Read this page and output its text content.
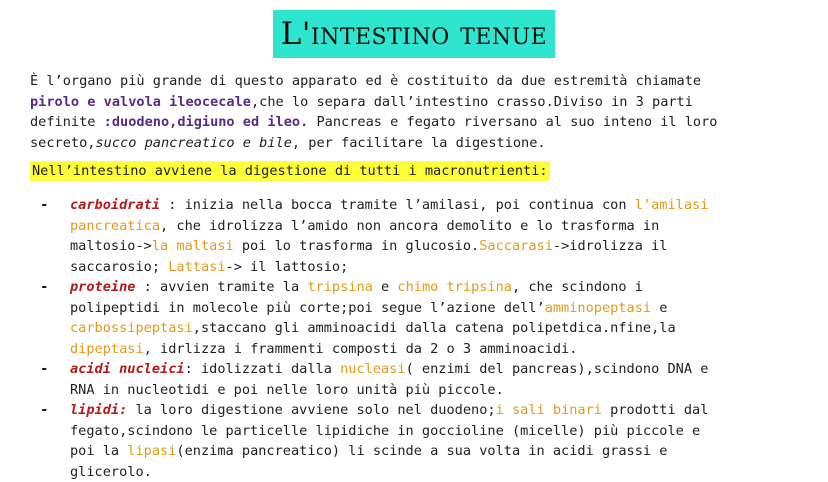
L'intestino tenue
È l’organo più grande di questo apparato ed è costituito da due estremità chiamate
pirolo e valvola ileocecale,che lo separa dall’intestino crasso.Diviso in 3 parti
definite :duodeno,digiuno ed ileo. Pancreas e fegato riversano al suo inteno il loro
secreto,succo pancreatico e bile, per facilitare la digestione.
Nell’intestino avviene la digestione di tutti i macronutrienti:
- carboidrati : inizia nella bocca tramite l’amilasi, poi continua con l’amilasi
pancreatica, che idrolizza l’amido non ancora demolito e lo trasforma in
maltosio->la maltasi poi lo trasforma in glucosio.Saccarasi->idrolizza il
saccarosio; Lattasi-> il lattosio;
- proteine : avvien tramite la tripsina e chimo tripsina, che scindono i
polipeptidi in molecole più corte;poi segue l’azione dell’amminopeptasi e
carbossipeptasi,staccano gli amminoacidi dalla catena polipetdica.nfine,la
dipeptasi, idrlizza i frammenti composti da 2 o 3 amminoacidi.
- acidi nucleici: idolizzati dalla nucleasi( enzimi del pancreas),scindono DNA e
RNA in nucleotidi e poi nelle loro unità più piccole.
- lipidi: la loro digestione avviene solo nel duodeno;i sali binari prodotti dal
fegato,scindono le particelle lipidiche in goccioline (micelle) più piccole e
poi la lipasi(enzima pancreatico) li scinde a sua volta in acidi grassi e
glicerolo.
